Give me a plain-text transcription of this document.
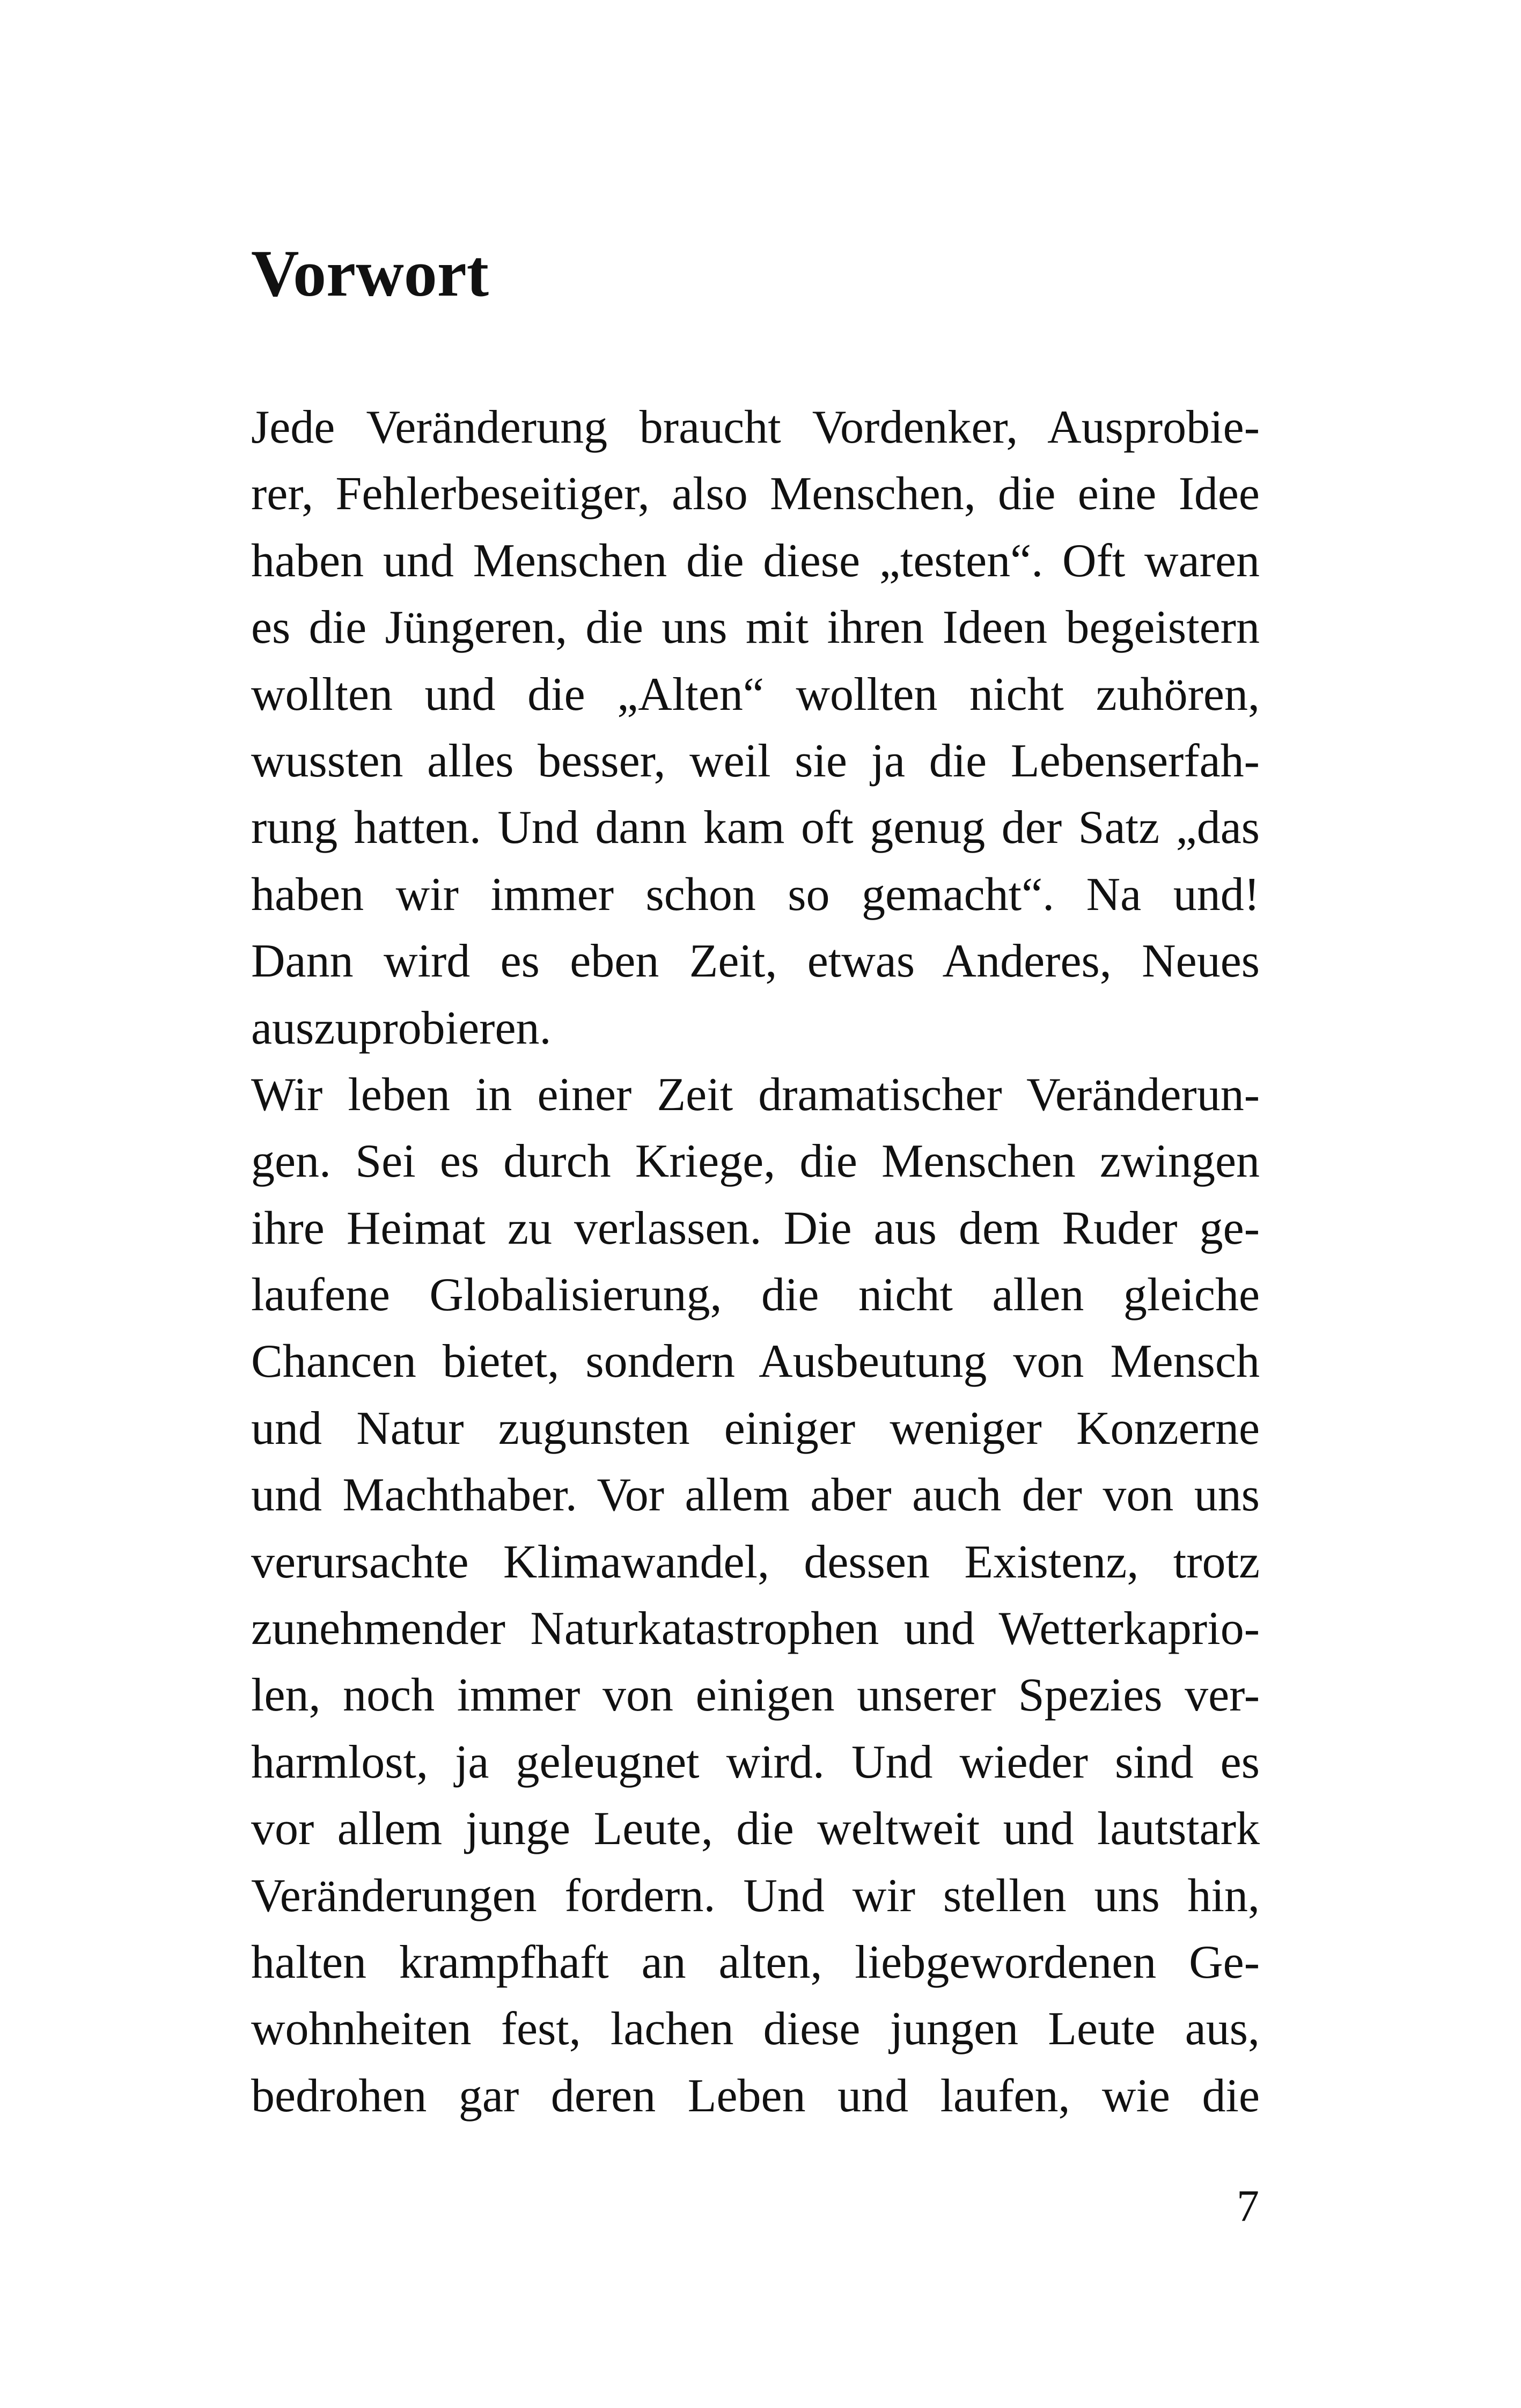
Vorwort
Jede Veränderung braucht Vordenker, Ausprobie-
rer, Fehlerbeseitiger, also Menschen, die eine Idee
haben und Menschen die diese „testen“. Oft waren
es die Jüngeren, die uns mit ihren Ideen begeistern
wollten und die „Alten“ wollten nicht zuhören,
wussten alles besser, weil sie ja die Lebenserfah-
rung hatten. Und dann kam oft genug der Satz „das
haben wir immer schon so gemacht“. Na und!
Dann wird es eben Zeit, etwas Anderes, Neues
auszuprobieren.
Wir leben in einer Zeit dramatischer Veränderun-
gen. Sei es durch Kriege, die Menschen zwingen
ihre Heimat zu verlassen. Die aus dem Ruder ge-
laufene Globalisierung, die nicht allen gleiche
Chancen bietet, sondern Ausbeutung von Mensch
und Natur zugunsten einiger weniger Konzerne
und Machthaber. Vor allem aber auch der von uns
verursachte Klimawandel, dessen Existenz, trotz
zunehmender Naturkatastrophen und Wetterkaprio-
len, noch immer von einigen unserer Spezies ver-
harmlost, ja geleugnet wird. Und wieder sind es
vor allem junge Leute, die weltweit und lautstark
Veränderungen fordern. Und wir stellen uns hin,
halten krampfhaft an alten, liebgewordenen Ge-
wohnheiten fest, lachen diese jungen Leute aus,
bedrohen gar deren Leben und laufen, wie die
7
